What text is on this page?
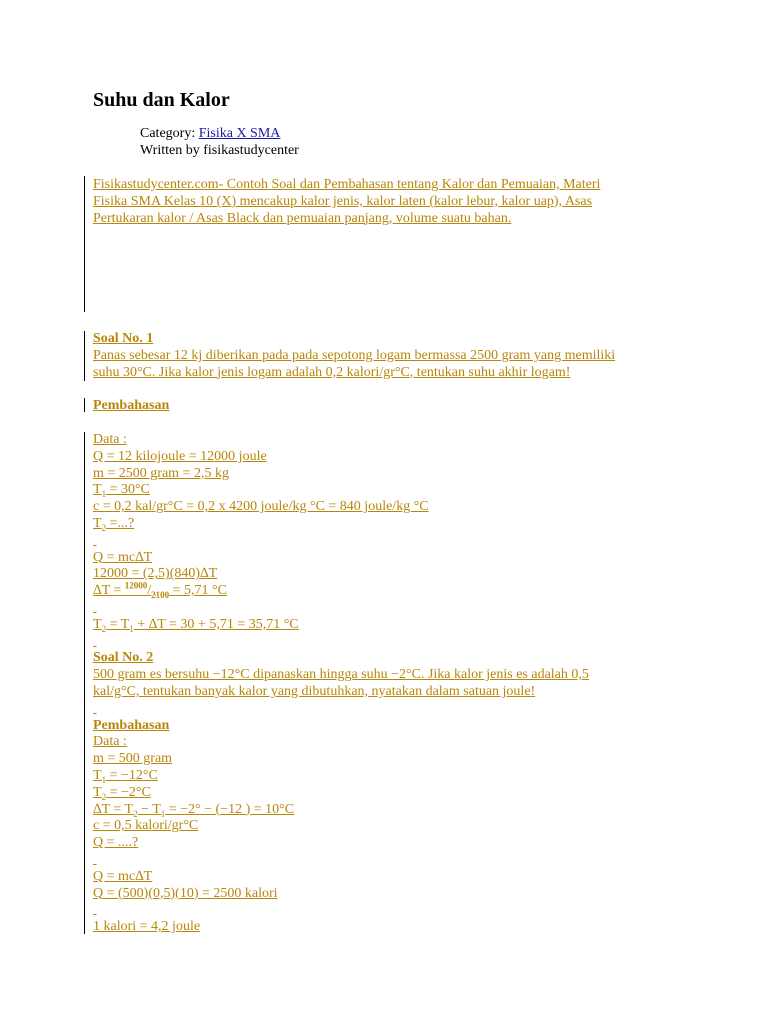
Suhu dan Kalor
Category: Fisika X SMA
Written by fisikastudycenter
Fisikastudycenter.com- Contoh Soal dan Pembahasan tentang Kalor dan Pemuaian, Materi
Fisika SMA Kelas 10 (X) mencakup kalor jenis, kalor laten (kalor lebur, kalor uap), Asas
Pertukaran kalor / Asas Black dan pemuaian panjang, volume suatu bahan.
Soal No. 1
Panas sebesar 12 kj diberikan pada pada sepotong logam bermassa 2500 gram yang memiliki
suhu 30°C. Jika kalor jenis logam adalah 0,2 kalori/gr°C, tentukan suhu akhir logam!
Pembahasan
Data :
Q = 12 kilojoule = 12000 joule
m = 2500 gram = 2,5 kg
$T_1 = 30^\circ C$
c = 0,2 kal/gr°C = 0,2 x 4200 joule/kg °C = 840 joule/kg °C
$T_2$ =...?

Q = mc∆T
12000 = (2,5)(840)∆T
$\Delta T = ^{12000}/_{2100} = 5,71$ °C

$T_2 = T_1 + \Delta T = 30 + 5,71 = 35,71$ °C

Soal No. 2
500 gram es bersuhu −12°C dipanaskan hingga suhu −2°C. Jika kalor jenis es adalah 0,5
kal/g°C, tentukan banyak kalor yang dibutuhkan, nyatakan dalam satuan joule!

Pembahasan
Data :
m = 500 gram
$T_1 = -12^\circ C$
$T_2 = -2^\circ C$
$\Delta T = T_2 - T_1 = -2^\circ - (-12$ ) = 10°C
c = 0,5 kalori/gr°C
Q = ....?

Q = mc∆T
Q = (500)(0,5)(10) = 2500 kalori

1 kalori = 4,2 joule
